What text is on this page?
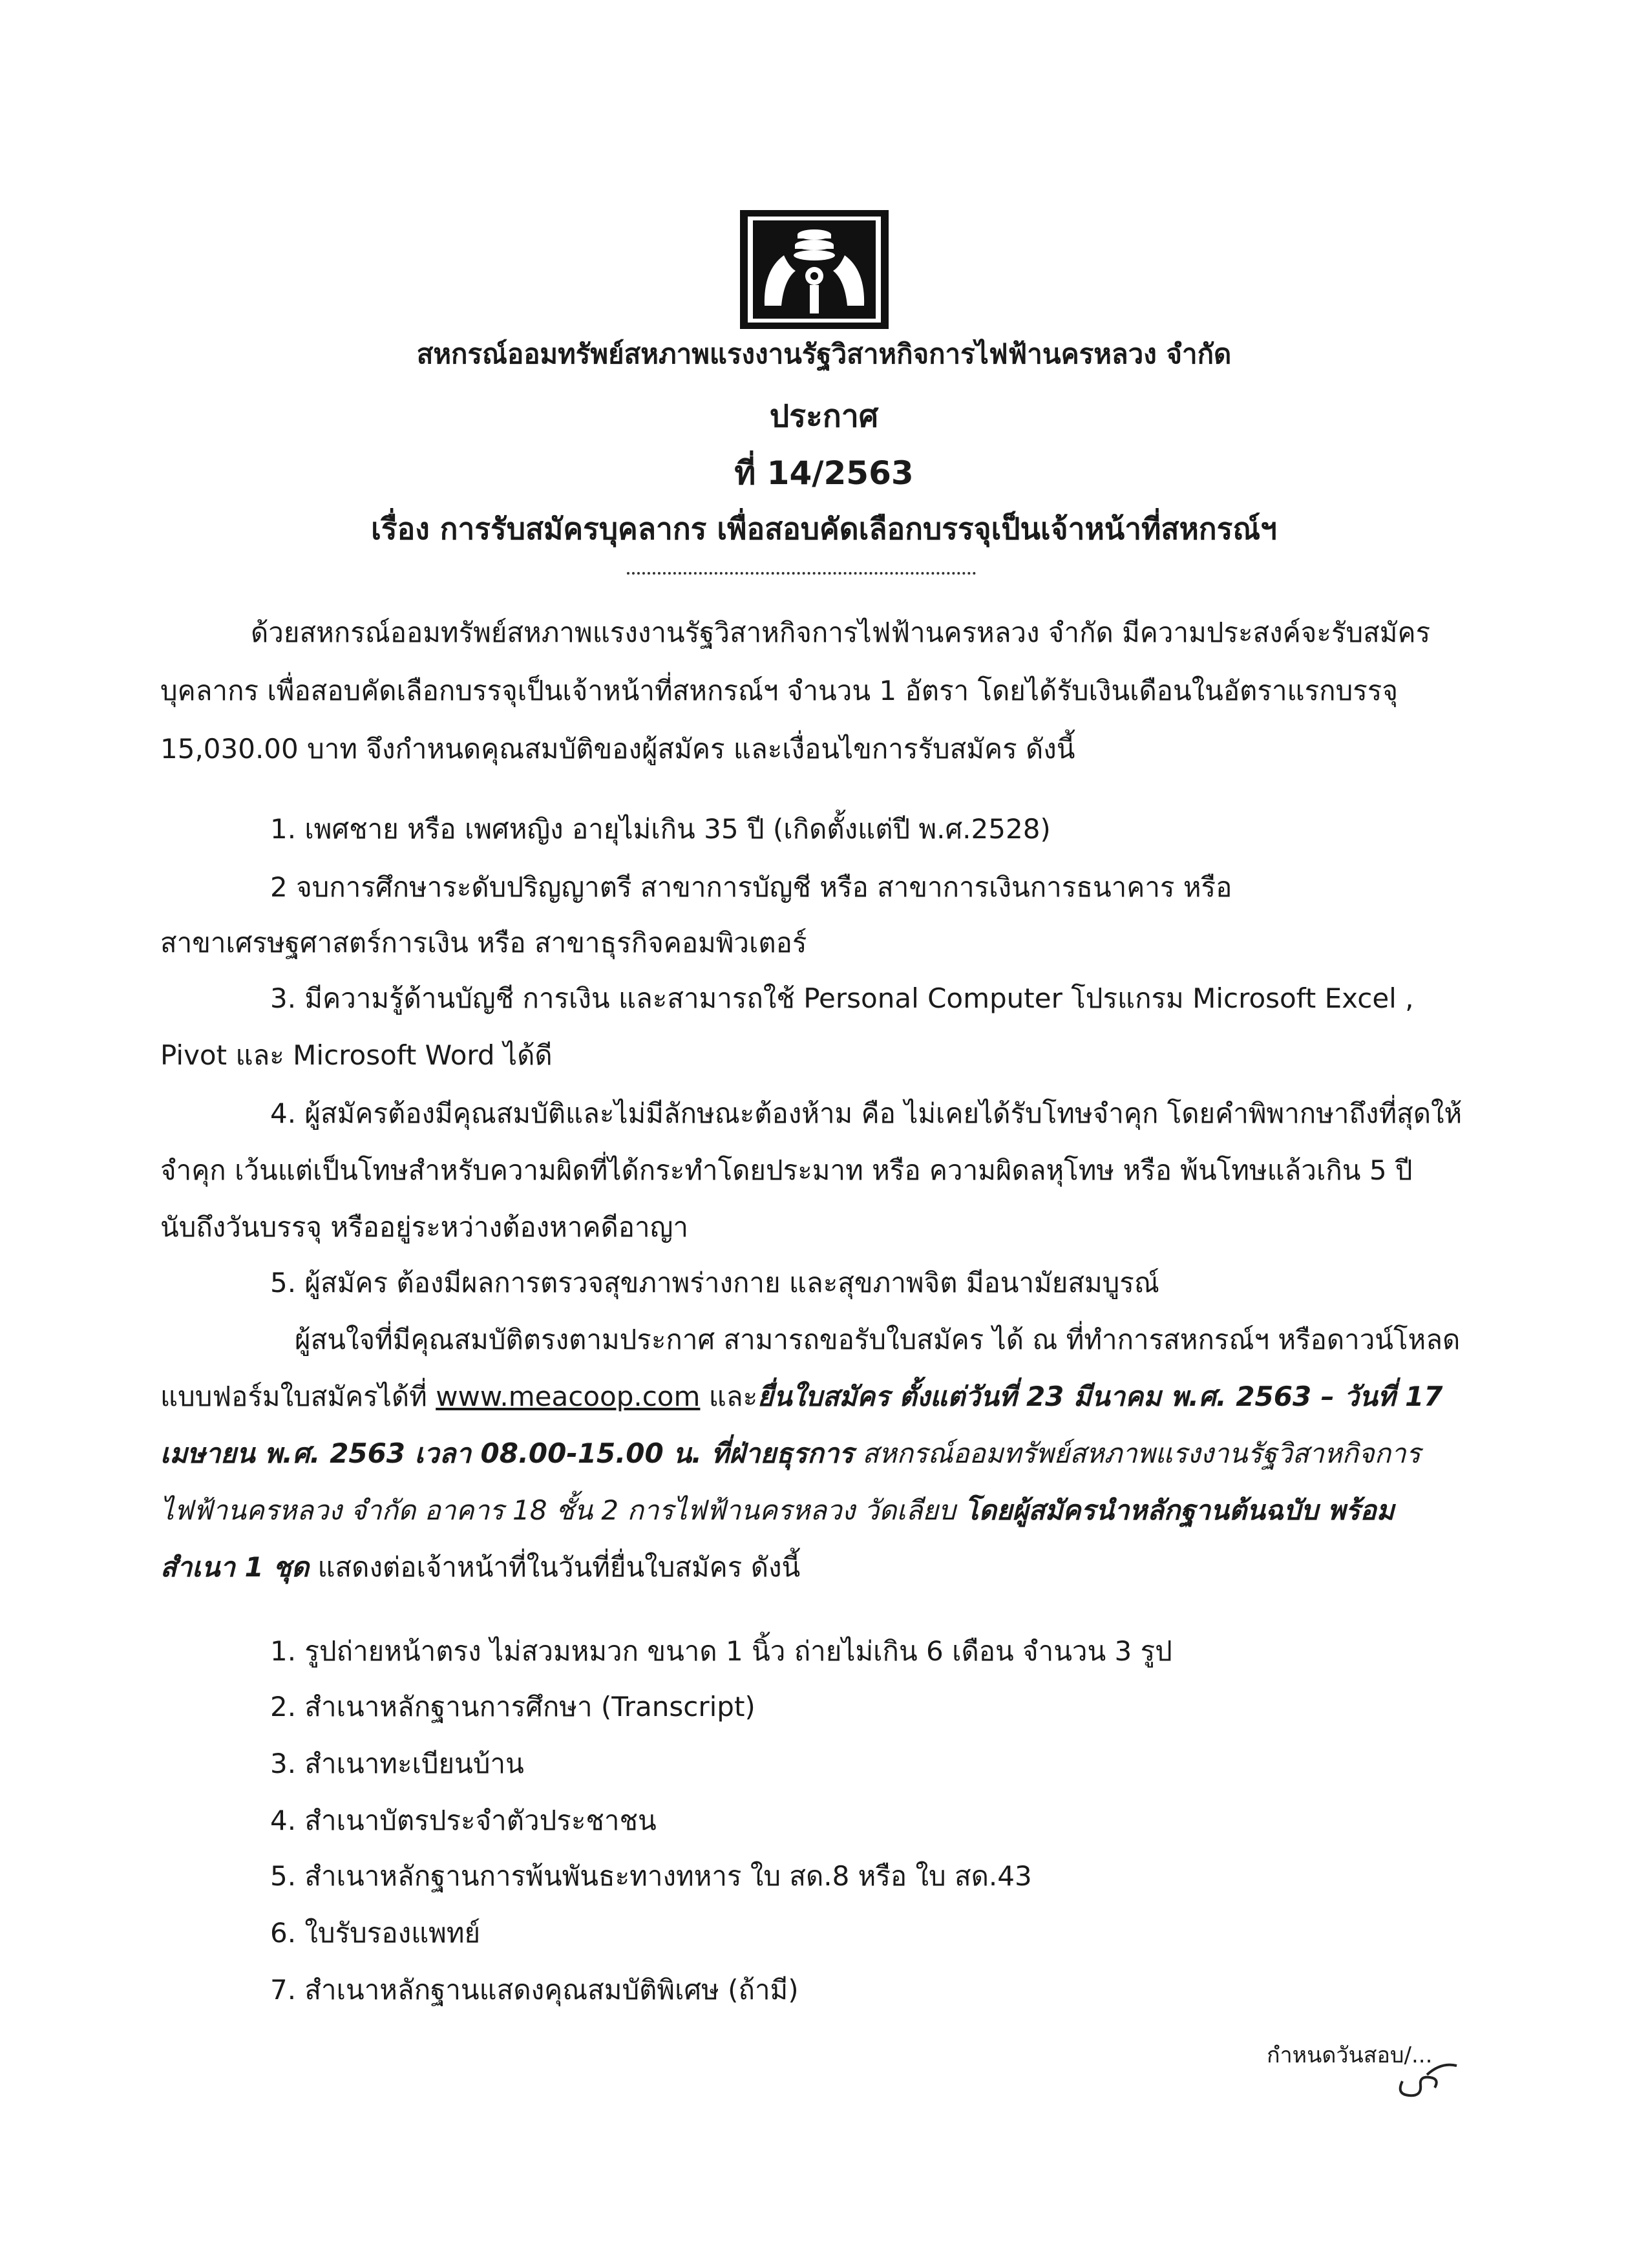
สหกรณ์ออมทรัพย์สหภาพแรงงานรัฐวิสาหกิจการไฟฟ้านครหลวง จำกัด
ประกาศ
ที่ 14/2563
เรื่อง การรับสมัครบุคลากร เพื่อสอบคัดเลือกบรรจุเป็นเจ้าหน้าที่สหกรณ์ฯ
ด้วยสหกรณ์ออมทรัพย์สหภาพแรงงานรัฐวิสาหกิจการไฟฟ้านครหลวง จำกัด มีความประสงค์จะรับสมัคร
บุคลากร เพื่อสอบคัดเลือกบรรจุเป็นเจ้าหน้าที่สหกรณ์ฯ จำนวน 1 อัตรา โดยได้รับเงินเดือนในอัตราแรกบรรจุ
15,030.00 บาท จึงกำหนดคุณสมบัติของผู้สมัคร และเงื่อนไขการรับสมัคร ดังนี้
1. เพศชาย หรือ เพศหญิง อายุไม่เกิน 35 ปี (เกิดตั้งแต่ปี พ.ศ.2528)
2 จบการศึกษาระดับปริญญาตรี สาขาการบัญชี หรือ สาขาการเงินการธนาคาร หรือ
สาขาเศรษฐศาสตร์การเงิน หรือ สาขาธุรกิจคอมพิวเตอร์
3. มีความรู้ด้านบัญชี การเงิน และสามารถใช้ Personal Computer โปรแกรม Microsoft Excel ,
Pivot และ Microsoft Word ได้ดี
4. ผู้สมัครต้องมีคุณสมบัติและไม่มีลักษณะต้องห้าม คือ ไม่เคยได้รับโทษจำคุก โดยคำพิพากษาถึงที่สุดให้
จำคุก เว้นแต่เป็นโทษสำหรับความผิดที่ได้กระทำโดยประมาท หรือ ความผิดลหุโทษ หรือ พ้นโทษแล้วเกิน 5 ปี
นับถึงวันบรรจุ หรืออยู่ระหว่างต้องหาคดีอาญา
5. ผู้สมัคร ต้องมีผลการตรวจสุขภาพร่างกาย และสุขภาพจิต มีอนามัยสมบูรณ์
ผู้สนใจที่มีคุณสมบัติตรงตามประกาศ สามารถขอรับใบสมัคร ได้ ณ ที่ทำการสหกรณ์ฯ หรือดาวน์โหลด
แบบฟอร์มใบสมัครได้ที่ www.meacoop.com และยื่นใบสมัคร ตั้งแต่วันที่ 23 มีนาคม พ.ศ. 2563 – วันที่ 17
เมษายน พ.ศ. 2563 เวลา 08.00-15.00 น. ที่ฝ่ายธุรการ สหกรณ์ออมทรัพย์สหภาพแรงงานรัฐวิสาหกิจการ
ไฟฟ้านครหลวง จำกัด อาคาร 18 ชั้น 2 การไฟฟ้านครหลวง วัดเลียบ โดยผู้สมัครนำหลักฐานต้นฉบับ พร้อม
สำเนา 1 ชุด แสดงต่อเจ้าหน้าที่ในวันที่ยื่นใบสมัคร ดังนี้
1. รูปถ่ายหน้าตรง ไม่สวมหมวก ขนาด 1 นิ้ว ถ่ายไม่เกิน 6 เดือน จำนวน 3 รูป
2. สำเนาหลักฐานการศึกษา (Transcript)
3. สำเนาทะเบียนบ้าน
4. สำเนาบัตรประจำตัวประชาชน
5. สำเนาหลักฐานการพ้นพันธะทางทหาร ใบ สด.8 หรือ ใบ สด.43
6. ใบรับรองแพทย์
7. สำเนาหลักฐานแสดงคุณสมบัติพิเศษ (ถ้ามี)
กำหนดวันสอบ/...
